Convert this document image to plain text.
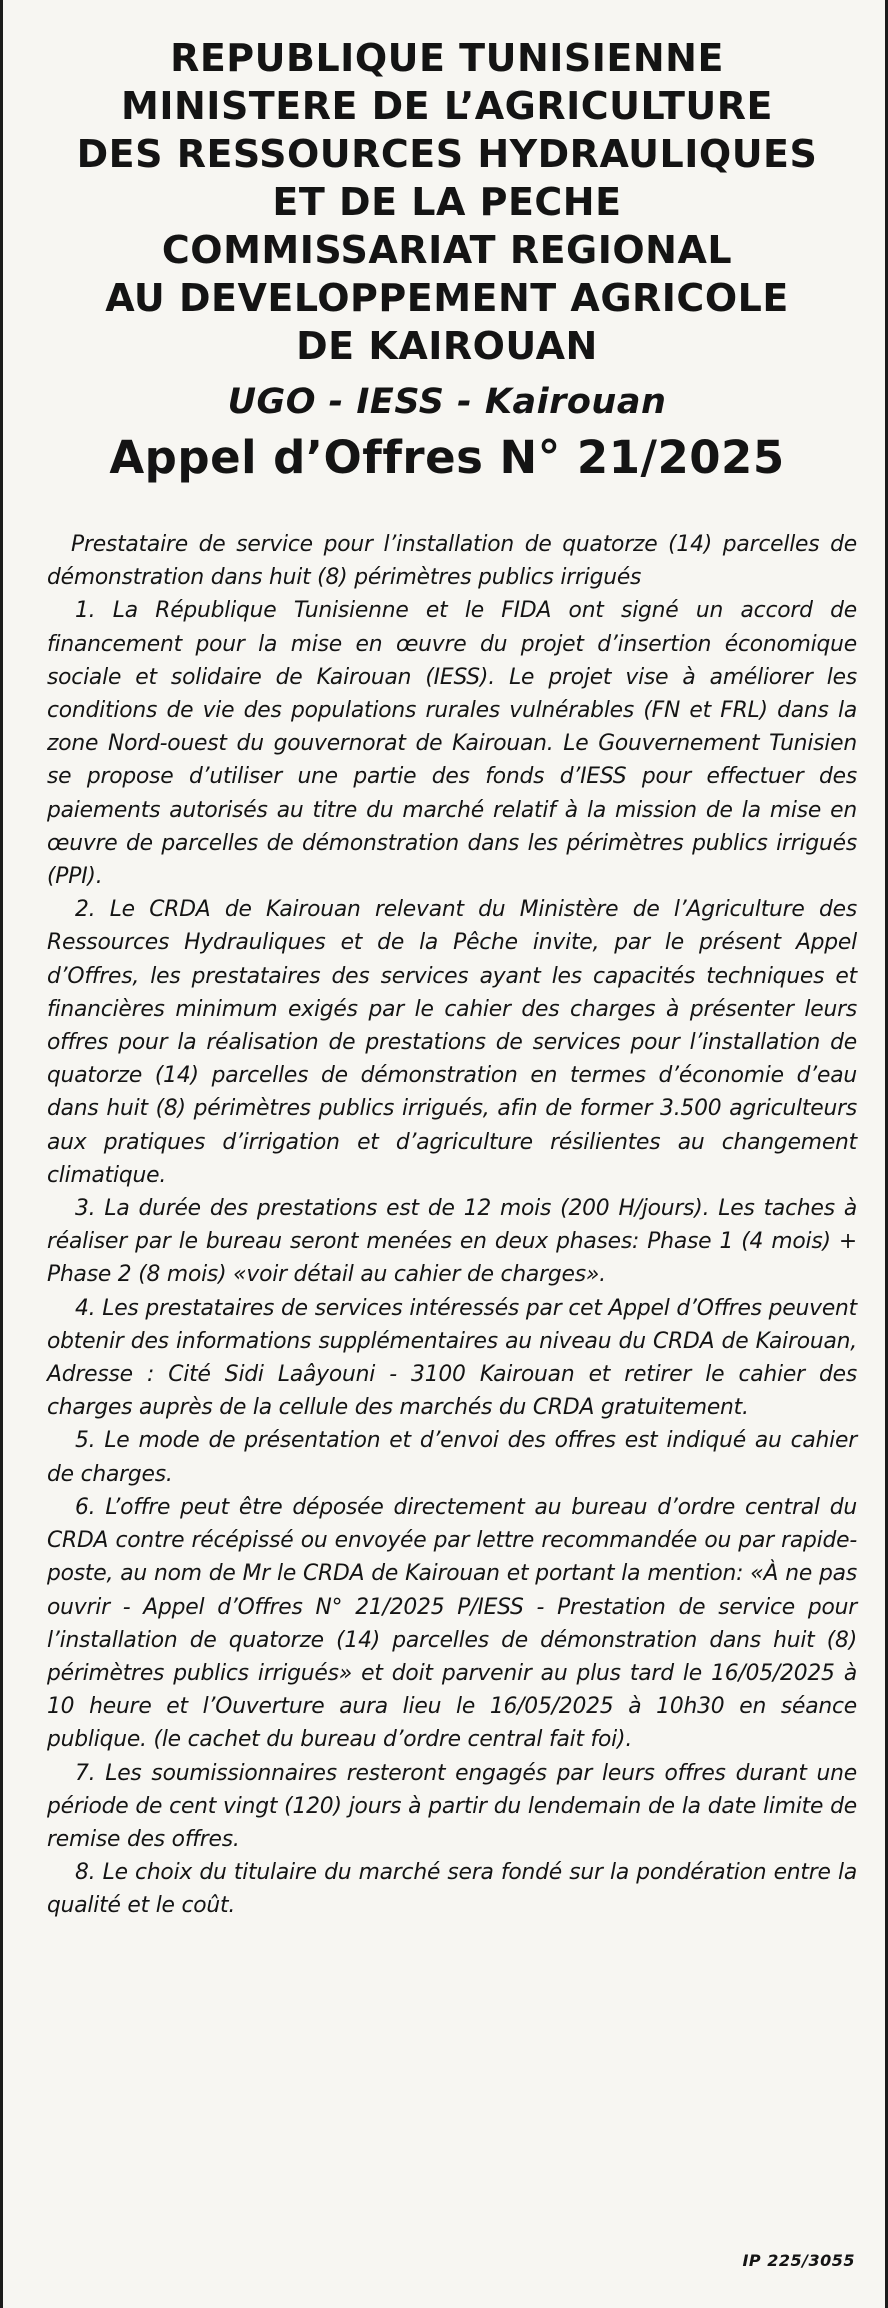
REPUBLIQUE TUNISIENNE
MINISTERE DE L’AGRICULTURE
DES RESSOURCES HYDRAULIQUES
ET DE LA PECHE
COMMISSARIAT REGIONAL
AU DEVELOPPEMENT AGRICOLE
DE KAIROUAN
UGO - IESS - Kairouan
Appel d’Offres N° 21/2025

Prestataire de service pour l’installation de quatorze (14) parcelles de démonstration dans huit (8) périmètres publics irrigués

1. La République Tunisienne et le FIDA ont signé un accord de financement pour la mise en œuvre du projet d’insertion économique sociale et solidaire de Kairouan (IESS). Le projet vise à améliorer les conditions de vie des populations rurales vulnérables (FN et FRL) dans la zone Nord-ouest du gouvernorat de Kairouan. Le Gouvernement Tunisien se propose d’utiliser une partie des fonds d’IESS pour effectuer des paiements autorisés au titre du marché relatif à la mission de la mise en œuvre de parcelles de démonstration dans les périmètres publics irrigués (PPI).

2. Le CRDA de Kairouan relevant du Ministère de l’Agriculture des Ressources Hydrauliques et de la Pêche invite, par le présent Appel d’Offres, les prestataires des services ayant les capacités techniques et financières minimum exigés par le cahier des charges à présenter leurs offres pour la réalisation de prestations de services pour l’installation de quatorze (14) parcelles de démonstration en termes d’économie d’eau dans huit (8) périmètres publics irrigués, afin de former 3.500 agriculteurs aux pratiques d’irrigation et d’agriculture résilientes au changement climatique.

3. La durée des prestations est de 12 mois (200 H/jours). Les taches à réaliser par le bureau seront menées en deux phases: Phase 1 (4 mois) + Phase 2 (8 mois) «voir détail au cahier de charges».

4. Les prestataires de services intéressés par cet Appel d’Offres peuvent obtenir des informations supplémentaires au niveau du CRDA de Kairouan, Adresse : Cité Sidi Laâyouni - 3100 Kairouan et retirer le cahier des charges auprès de la cellule des marchés du CRDA gratuitement.

5. Le mode de présentation et d’envoi des offres est indiqué au cahier de charges.

6. L’offre peut être déposée directement au bureau d’ordre central du CRDA contre récépissé ou envoyée par lettre recommandée ou par rapide-poste, au nom de Mr le CRDA de Kairouan et portant la mention: «À ne pas ouvrir - Appel d’Offres N° 21/2025 P/IESS - Prestation de service pour l’installation de quatorze (14) parcelles de démonstration dans huit (8) périmètres publics irrigués» et doit parvenir au plus tard le 16/05/2025 à 10 heure et l’Ouverture aura lieu le 16/05/2025 à 10h30 en séance publique. (le cachet du bureau d’ordre central fait foi).

7. Les soumissionnaires resteront engagés par leurs offres durant une période de cent vingt (120) jours à partir du lendemain de la date limite de remise des offres.

8. Le choix du titulaire du marché sera fondé sur la pondération entre la qualité et le coût.

IP 225/3055
